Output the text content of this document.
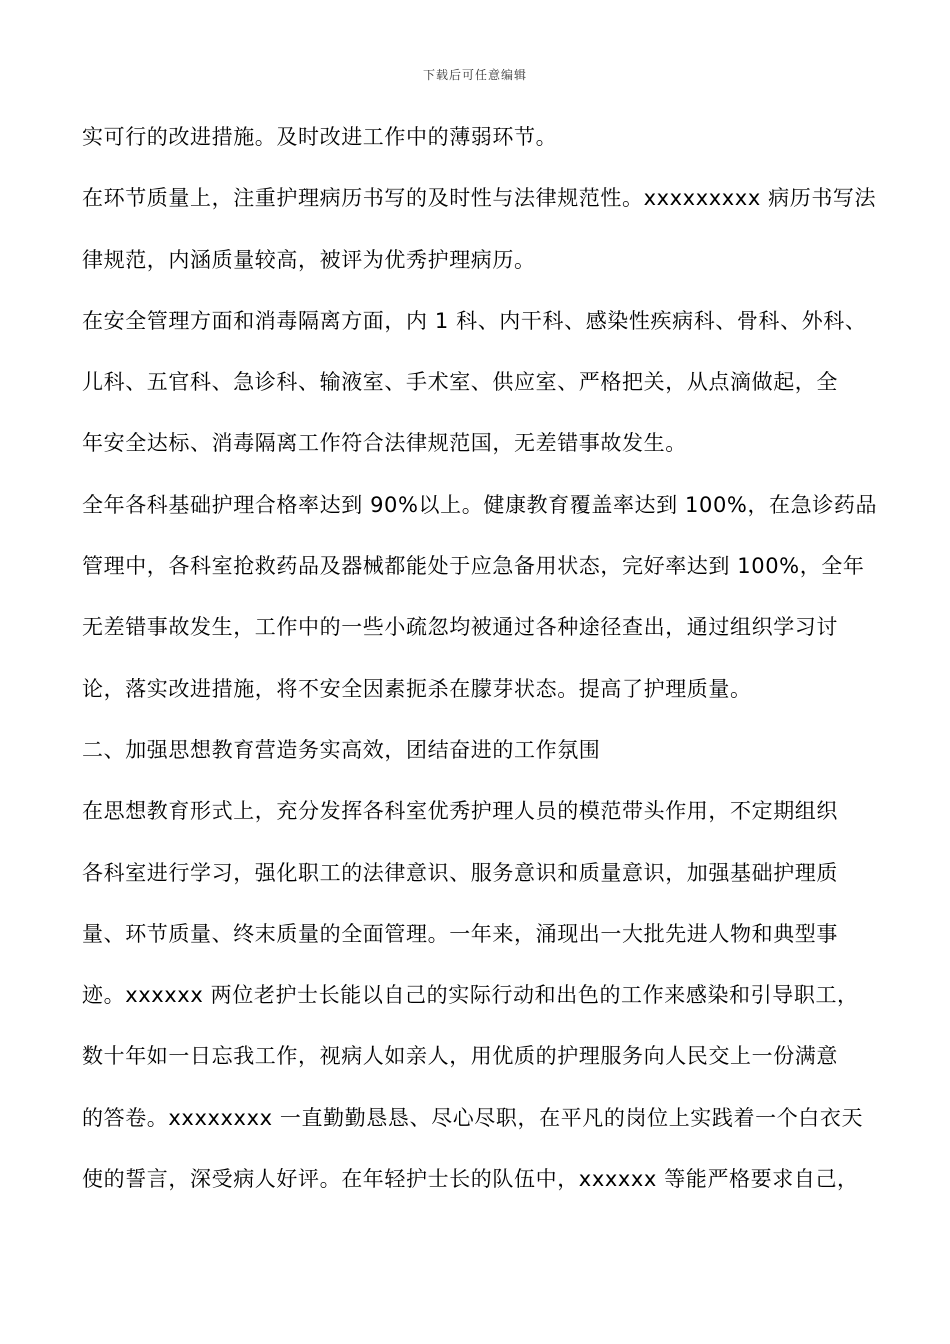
下载后可任意编辑
实可行的改进措施。及时改进工作中的薄弱环节。
在环节质量上，注重护理病历书写的及时性与法律规范性。xxxxxxxxx 病历书写法
律规范，内涵质量较高，被评为优秀护理病历。
在安全管理方面和消毒隔离方面，内 1 科、内干科、感染性疾病科、骨科、外科、
儿科、五官科、急诊科、输液室、手术室、供应室、严格把关，从点滴做起，全
年安全达标、消毒隔离工作符合法律规范国，无差错事故发生。
全年各科基础护理合格率达到 90%以上。健康教育覆盖率达到 100%，在急诊药品
管理中，各科室抢救药品及器械都能处于应急备用状态，完好率达到 100%，全年
无差错事故发生，工作中的一些小疏忽均被通过各种途径查出，通过组织学习讨
论，落实改进措施，将不安全因素扼杀在朦芽状态。提高了护理质量。
二、加强思想教育营造务实高效，团结奋进的工作氛围
在思想教育形式上，充分发挥各科室优秀护理人员的模范带头作用，不定期组织
各科室进行学习，强化职工的法律意识、服务意识和质量意识，加强基础护理质
量、环节质量、终末质量的全面管理。一年来，涌现出一大批先进人物和典型事
迹。xxxxxx 两位老护士长能以自己的实际行动和出色的工作来感染和引导职工，
数十年如一日忘我工作，视病人如亲人，用优质的护理服务向人民交上一份满意
的答卷。xxxxxxxx 一直勤勤恳恳、尽心尽职，在平凡的岗位上实践着一个白衣天
使的誓言，深受病人好评。在年轻护士长的队伍中，xxxxxx 等能严格要求自己，
